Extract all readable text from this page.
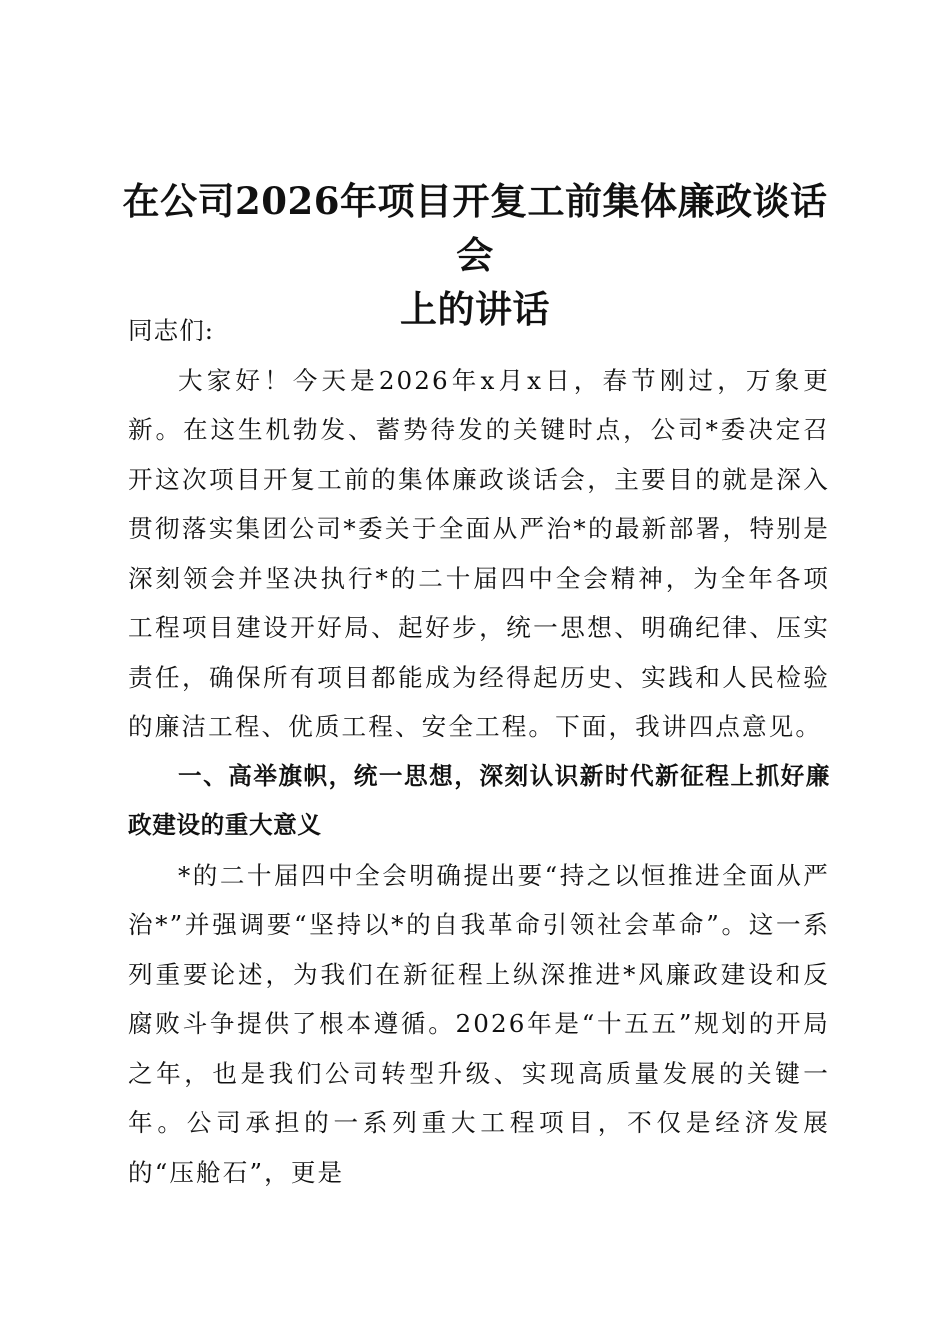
在公司2026年项目开复工前集体廉政谈话会
上的讲话

同志们:

大家好！今天是2026年x月x日，春节刚过，万象更新。在这生机勃发、蓄势待发的关键时点，公司*委决定召开这次项目开复工前的集体廉政谈话会，主要目的就是深入贯彻落实集团公司*委关于全面从严治*的最新部署，特别是深刻领会并坚决执行*的二十届四中全会精神，为全年各项工程项目建设开好局、起好步，统一思想、明确纪律、压实责任，确保所有项目都能成为经得起历史、实践和人民检验的廉洁工程、优质工程、安全工程。下面，我讲四点意见。

一、高举旗帜，统一思想，深刻认识新时代新征程上抓好廉政建设的重大意义

*的二十届四中全会明确提出要“持之以恒推进全面从严治*”并强调要“坚持以*的自我革命引领社会革命”。这一系列重要论述，为我们在新征程上纵深推进*风廉政建设和反腐败斗争提供了根本遵循。2026年是“十五五”规划的开局之年，也是我们公司转型升级、实现高质量发展的关键一年。公司承担的一系列重大工程项目，不仅是经济发展的“压舱石”，更是
